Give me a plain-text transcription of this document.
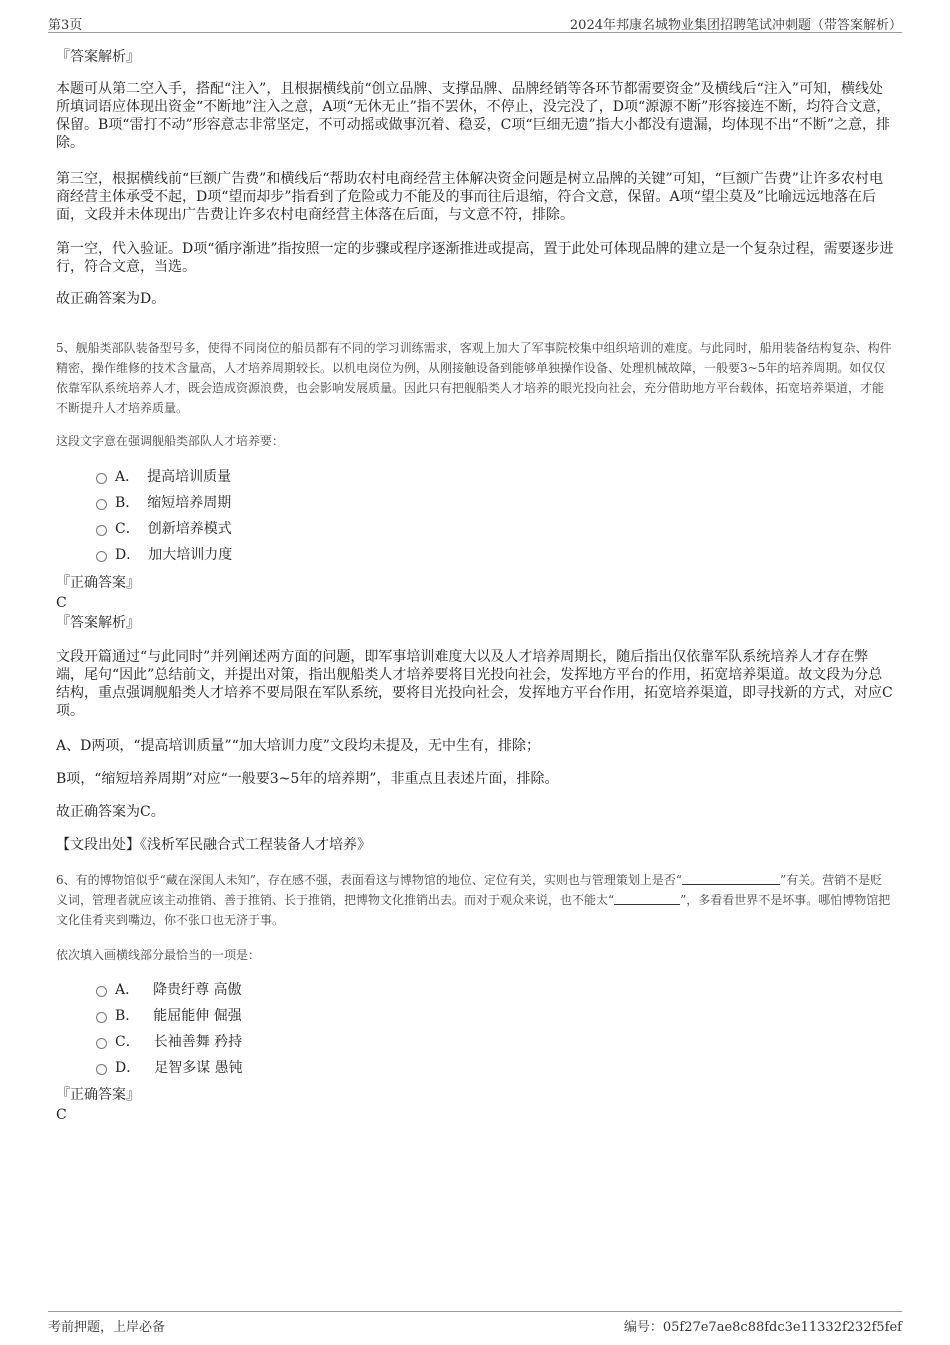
第3页	2024年邦康名城物业集团招聘笔试冲刺题（带答案解析）
『答案解析』

本题可从第二空入手，搭配“注入”，且根据横线前“创立品牌、支撑品牌、品牌经销等各环节都需要资金”及横线后“注入”可知，横线处所填词语应体现出资金“不断地”注入之意，A项“无休无止”指不罢休，不停止，没完没了，D项“源源不断”形容接连不断，均符合文意，保留。B项“雷打不动”形容意志非常坚定，不可动摇或做事沉着、稳妥，C项“巨细无遗”指大小都没有遗漏，均体现不出“不断”之意，排除。

第三空，根据横线前“巨额广告费”和横线后“帮助农村电商经营主体解决资金问题是树立品牌的关键”可知，“巨额广告费”让许多农村电商经营主体承受不起，D项“望而却步”指看到了危险或力不能及的事而往后退缩，符合文意，保留。A项“望尘莫及”比喻远远地落在后面，文段并未体现出广告费让许多农村电商经营主体落在后面，与文意不符，排除。

第一空，代入验证。D项“循序渐进”指按照一定的步骤或程序逐渐推进或提高，置于此处可体现品牌的建立是一个复杂过程，需要逐步进行，符合文意，当选。

故正确答案为D。

5、舰船类部队装备型号多，使得不同岗位的船员都有不同的学习训练需求，客观上加大了军事院校集中组织培训的难度。与此同时，船用装备结构复杂、构件精密，操作维修的技术含量高，人才培养周期较长。以机电岗位为例，从刚接触设备到能够单独操作设备、处理机械故障，一般要3~5年的培养周期。如仅仅依靠军队系统培养人才，既会造成资源浪费，也会影响发展质量。因此只有把舰船类人才培养的眼光投向社会，充分借助地方平台载体，拓宽培养渠道，才能不断提升人才培养质量。

这段文字意在强调舰船类部队人才培养要：

A． 提高培训质量
B． 缩短培养周期
C． 创新培养模式
D． 加大培训力度
『正确答案』
C
『答案解析』

文段开篇通过“与此同时”并列阐述两方面的问题，即军事培训难度大以及人才培养周期长，随后指出仅依靠军队系统培养人才存在弊端，尾句“因此”总结前文，并提出对策，指出舰船类人才培养要将目光投向社会，发挥地方平台的作用，拓宽培养渠道。故文段为分总结构，重点强调舰船类人才培养不要局限在军队系统，要将目光投向社会，发挥地方平台作用，拓宽培养渠道，即寻找新的方式，对应C项。

A、D两项，“提高培训质量”“加大培训力度”文段均未提及，无中生有，排除；

B项，“缩短培养周期”对应“一般要3~5年的培养期”，非重点且表述片面，排除。

故正确答案为C。

【文段出处】《浅析军民融合式工程装备人才培养》

6、有的博物馆似乎“藏在深闺人未知”，存在感不强，表面看这与博物馆的地位、定位有关，实则也与管理策划上是否“	”有关。营销不是贬义词，管理者就应该主动推销、善于推销、长于推销，把博物文化推销出去。而对于观众来说，也不能太“	”，多看看世界不是坏事。哪怕博物馆把文化佳肴夹到嘴边，你不张口也无济于事。

依次填入画横线部分最恰当的一项是：

A． 降贵纡尊 高傲
B． 能屈能伸 倔强
C． 长袖善舞 矜持
D． 足智多谋 愚钝
『正确答案』
C
考前押题，上岸必备	编号：05f27e7ae8c88fdc3e11332f232f5fef
